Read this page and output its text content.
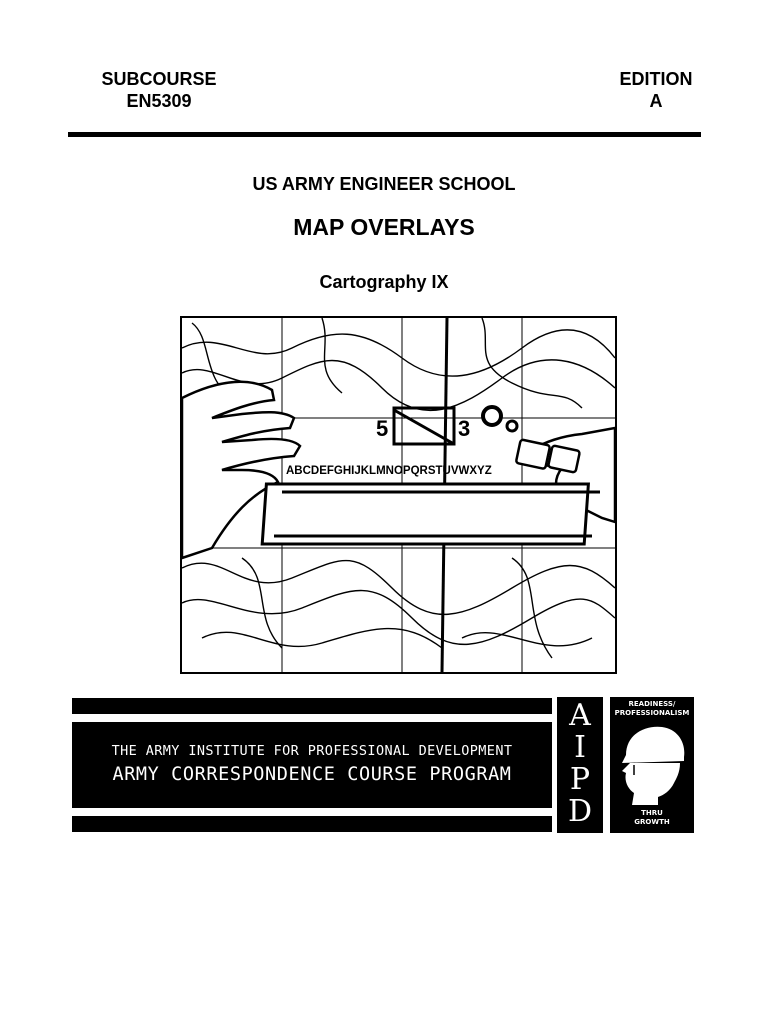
SUBCOURSE
EN5309
EDITION
A
US ARMY ENGINEER SCHOOL
MAP OVERLAYS
Cartography IX
5	3
ABCDEFGHIJKLMNOPQRSTUVWXYZ
THE ARMY INSTITUTE FOR PROFESSIONAL DEVELOPMENT
ARMY CORRESPONDENCE COURSE PROGRAM
A
I
P
D
READINESS/
PROFESSIONALISM
THRU
GROWTH
